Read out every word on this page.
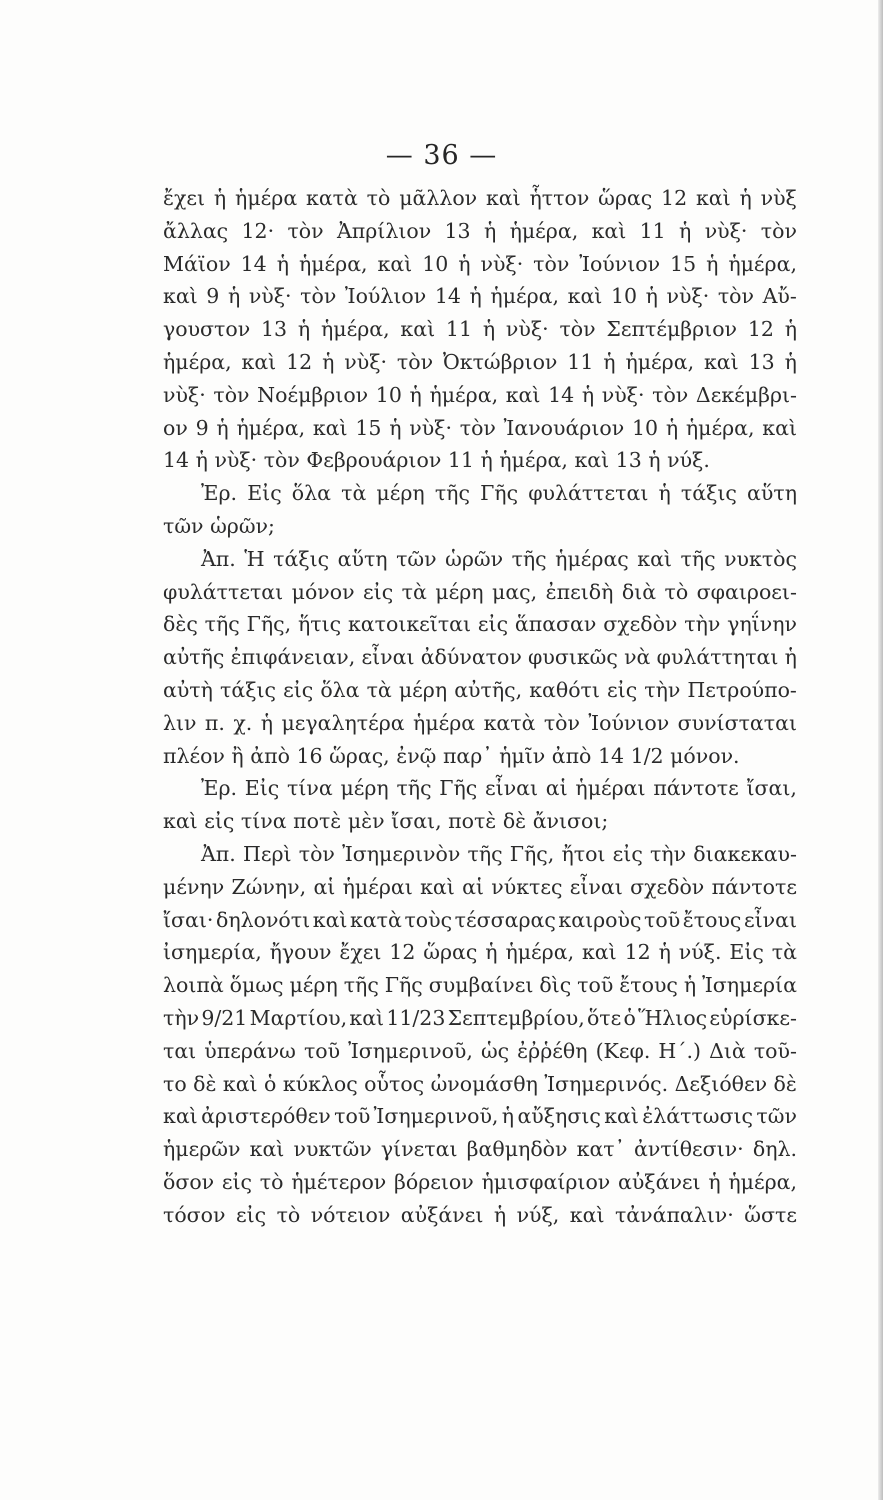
— 36 —
ἔχει ἡ ἡμέρα κατὰ τὸ μᾶλλον καὶ ἧττον ὥρας 12 καὶ ἡ νὺξ
ἄλλας 12· τὸν Ἀπρίλιον 13 ἡ ἡμέρα, καὶ 11 ἡ νὺξ· τὸν
Μάϊον 14 ἡ ἡμέρα, καὶ 10 ἡ νὺξ· τὸν Ἰούνιον 15 ἡ ἡμέρα,
καὶ 9 ἡ νὺξ· τὸν Ἰούλιον 14 ἡ ἡμέρα, καὶ 10 ἡ νὺξ· τὸν Αὔ-
γουστον 13 ἡ ἡμέρα, καὶ 11 ἡ νὺξ· τὸν Σεπτέμβριον 12 ἡ
ἡμέρα, καὶ 12 ἡ νὺξ· τὸν Ὀκτώβριον 11 ἡ ἡμέρα, καὶ 13 ἡ
νὺξ· τὸν Νοέμβριον 10 ἡ ἡμέρα, καὶ 14 ἡ νὺξ· τὸν Δεκέμβρι-
ον 9 ἡ ἡμέρα, καὶ 15 ἡ νὺξ· τὸν Ἰανουάριον 10 ἡ ἡμέρα, καὶ
14
ἡ
νὺξ·
τὸν
Φεβρουάριον
11
ἡ
ἡμέρα,
καὶ
13
ἡ
νύξ.
Ἐρ. Εἰς ὅλα τὰ μέρη τῆς Γῆς φυλάττεται ἡ τάξις αὕτη
τῶν
ὡρῶν;
Ἀπ. Ἡ τάξις αὕτη τῶν ὡρῶν τῆς ἡμέρας καὶ τῆς νυκτὸς
φυλάττεται μόνον εἰς τὰ μέρη μας, ἐπειδὴ διὰ τὸ σφαιροει-
δὲς τῆς Γῆς, ἥτις κατοικεῖται εἰς ἅπασαν σχεδὸν τὴν γηΐνην
αὐτῆς ἐπιφάνειαν, εἶναι ἀδύνατον φυσικῶς νὰ φυλάττηται ἡ
αὐτὴ τάξις εἰς ὅλα τὰ μέρη αὐτῆς, καθότι εἰς τὴν Πετρούπο-
λιν π. χ. ἡ μεγαλητέρα ἡμέρα κατὰ τὸν Ἰούνιον συνίσταται
πλέον
ἢ
ἀπὸ
16
ὥρας,
ἐνῷ
παρ᾽
ἡμῖν
ἀπὸ
14
1/2
μόνον.
Ἐρ. Εἰς τίνα μέρη τῆς Γῆς εἶναι αἱ ἡμέραι πάντοτε ἴσαι,
καὶ
εἰς
τίνα
ποτὲ
μὲν
ἴσαι,
ποτὲ
δὲ
ἄνισοι;
Ἀπ. Περὶ τὸν Ἰσημερινὸν τῆς Γῆς, ἤτοι εἰς τὴν διακεκαυ-
μένην Ζώνην, αἱ ἡμέραι καὶ αἱ νύκτες εἶναι σχεδὸν πάντοτε
ἴσαι· δηλονότι καὶ κατὰ τοὺς τέσσαρας καιροὺς τοῦ ἔτους εἶναι
ἰσημερία, ἤγουν ἔχει 12 ὥρας ἡ ἡμέρα, καὶ 12 ἡ νύξ. Εἰς τὰ
λοιπὰ ὅμως μέρη τῆς Γῆς συμβαίνει δὶς τοῦ ἔτους ἡ Ἰσημερία
τὴν 9/21 Μαρτίου, καὶ 11/23 Σεπτεμβρίου, ὅτε ὁ Ἥλιος εὑρίσκε-
ται ὑπεράνω τοῦ Ἰσημερινοῦ, ὡς ἐῤῥέθη (Κεφ. Η΄.) Διὰ τοῦ-
το δὲ καὶ ὁ κύκλος οὗτος ὠνομάσθη Ἰσημερινός. Δεξιόθεν δὲ
καὶ ἀριστερόθεν τοῦ Ἰσημερινοῦ, ἡ αὔξησις καὶ ἐλάττωσις τῶν
ἡμερῶν καὶ νυκτῶν γίνεται βαθμηδὸν κατ᾽ ἀντίθεσιν· δηλ.
ὅσον εἰς τὸ ἡμέτερον βόρειον ἡμισφαίριον αὐξάνει ἡ ἡμέρα,
τόσον εἰς τὸ νότειον αὐξάνει ἡ νύξ, καὶ τἀνάπαλιν· ὥστε
